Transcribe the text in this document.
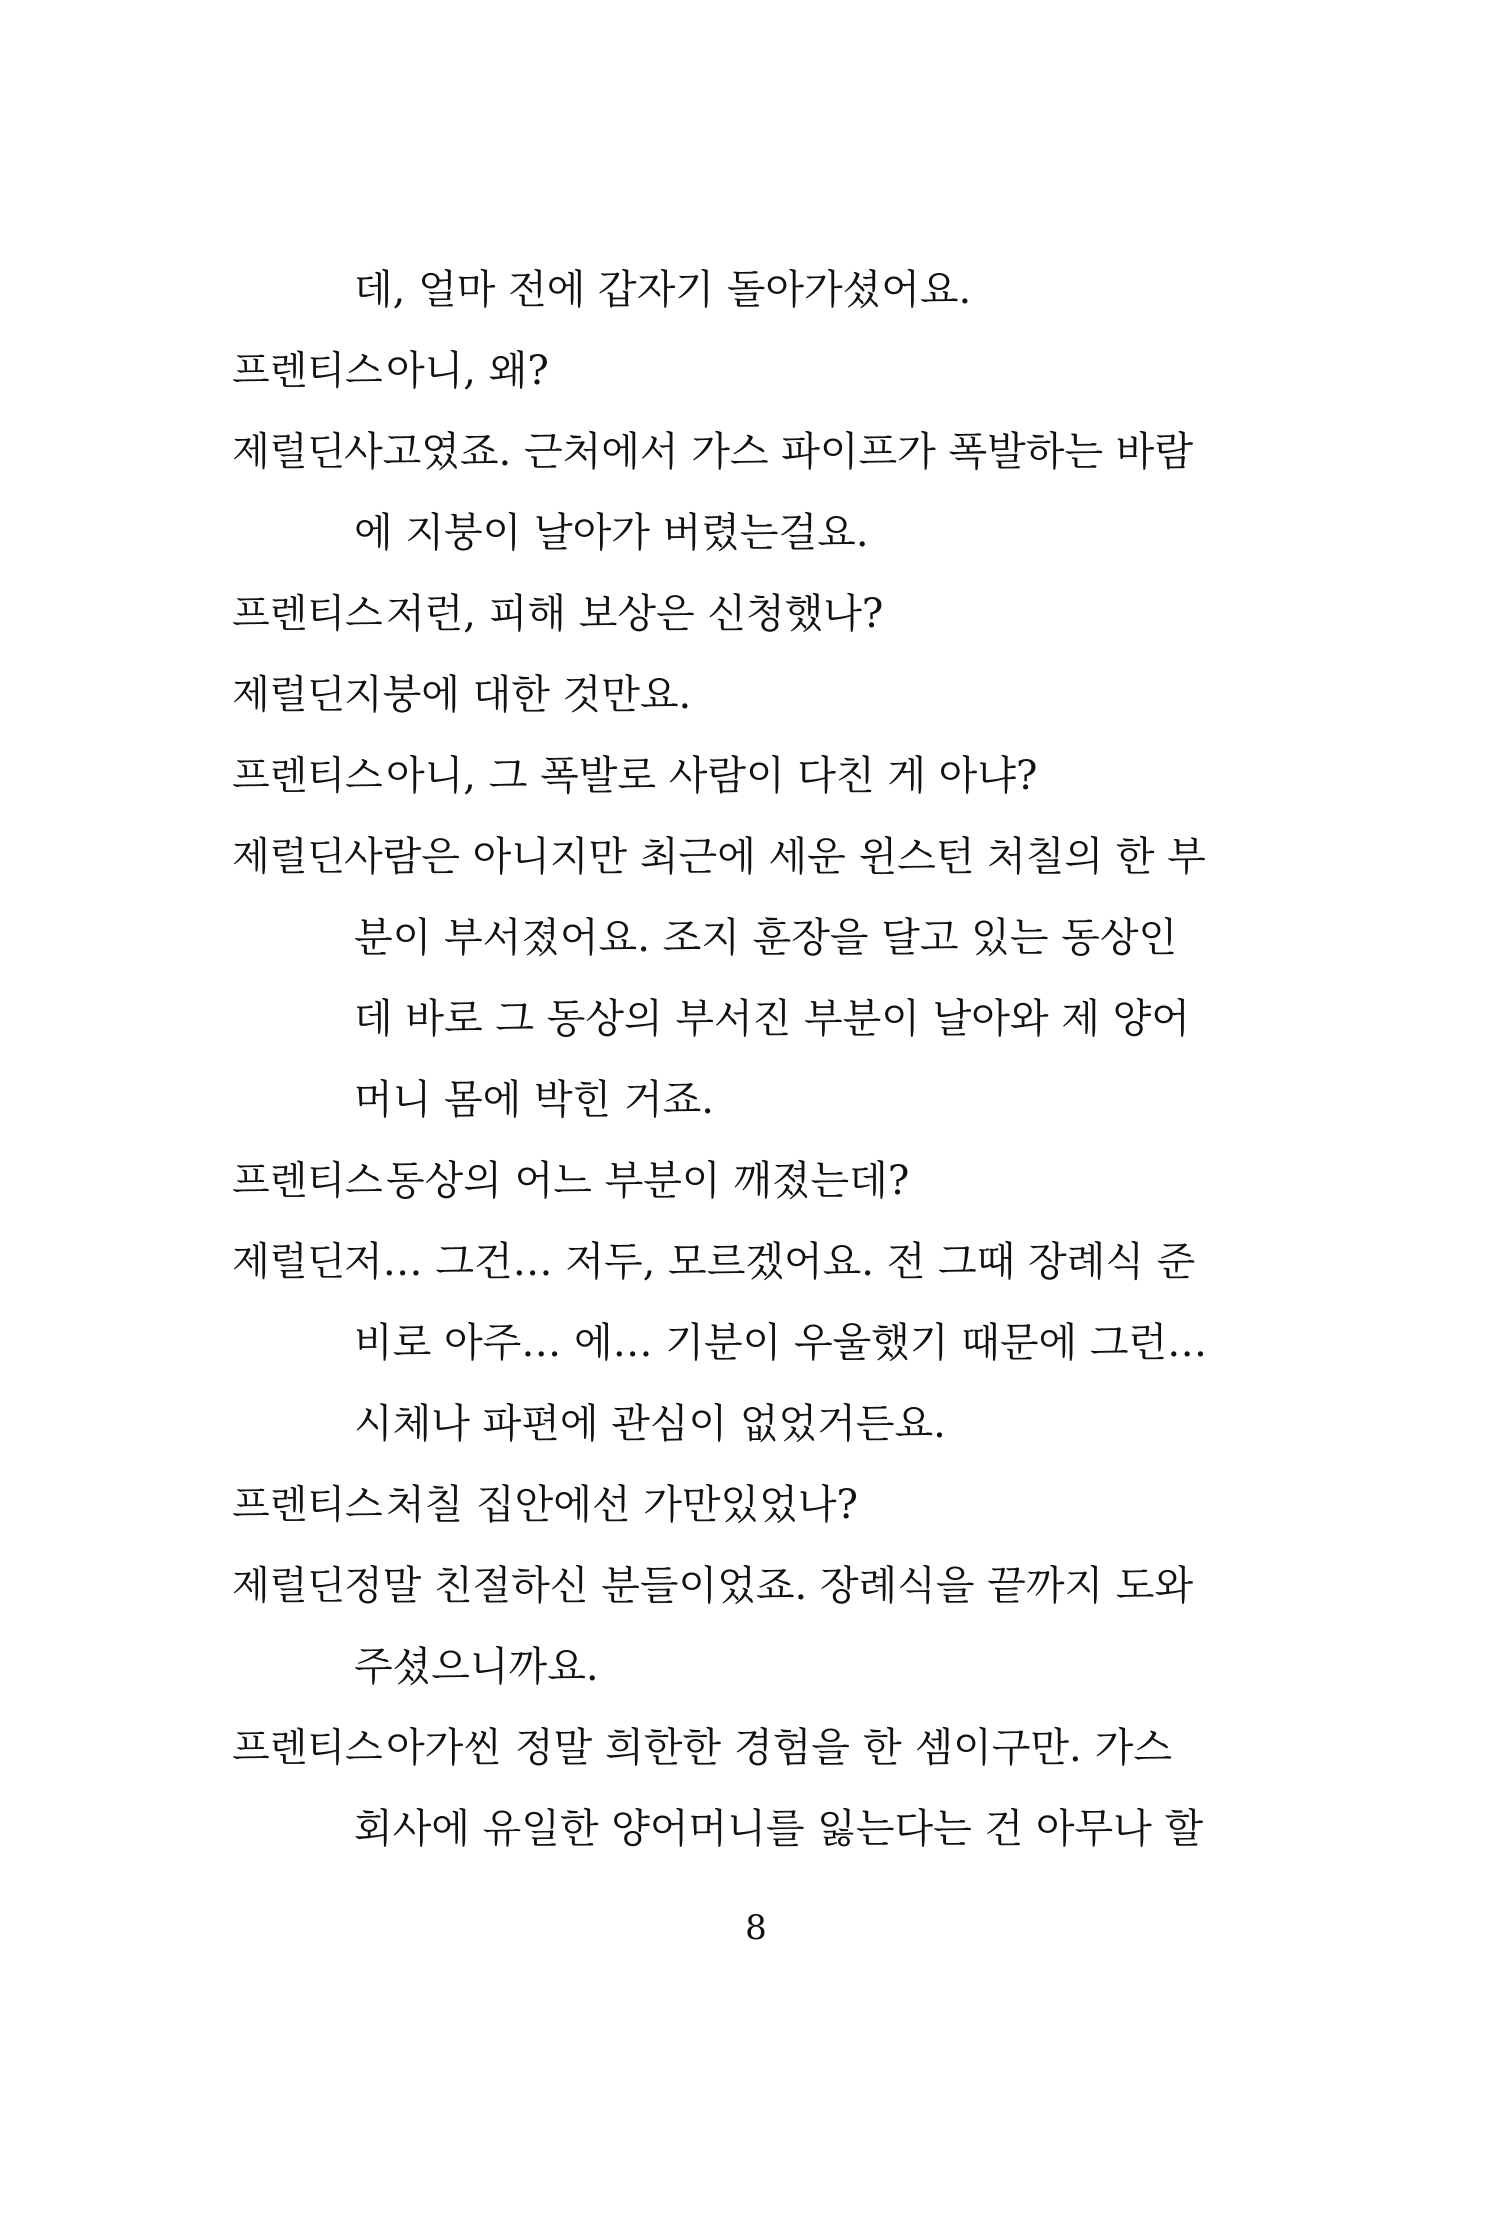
데, 얼마 전에 갑자기 돌아가셨어요.
프렌티스 아니, 왜?
제럴딘
사고였죠. 근처에서 가스 파이프가 폭발하는 바람
에 지붕이 날아가 버렸는걸요.
프렌티스 저런, 피해 보상은 신청했나?
제럴딘
지붕에 대한 것만요.
프렌티스 아니, 그 폭발로 사람이 다친 게 아냐?
제럴딘
사람은 아니지만 최근에 세운 윈스턴 처칠의 한 부
분이 부서졌어요. 조지 훈장을 달고 있는 동상인
데 바로 그 동상의 부서진 부분이 날아와 제 양어
머니 몸에 박힌 거죠.
프렌티스 동상의 어느 부분이 깨졌는데?
제럴딘
저… 그건… 저두, 모르겠어요. 전 그때 장례식 준
비로 아주… 에… 기분이 우울했기 때문에 그런…
시체나 파편에 관심이 없었거든요.
프렌티스 처칠 집안에선 가만있었나?
제럴딘
정말 친절하신 분들이었죠. 장례식을 끝까지 도와
주셨으니까요.
프렌티스 아가씬 정말 희한한 경험을 한 셈이구만. 가스
회사에 유일한 양어머니를 잃는다는 건 아무나 할
8
